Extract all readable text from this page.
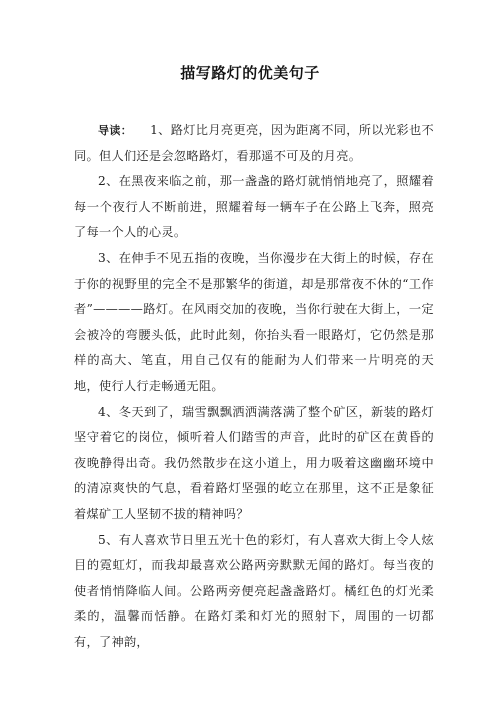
描写路灯的优美句子

导读： 1、路灯比月亮更亮，因为距离不同，所以光彩也不同。但人们还是会忽略路灯，看那遥不可及的月亮。

2、在黑夜来临之前，那一盏盏的路灯就悄悄地亮了，照耀着每一个夜行人不断前进，照耀着每一辆车子在公路上飞奔，照亮了每一个人的心灵。

3、在伸手不见五指的夜晚，当你漫步在大街上的时候，存在于你的视野里的完全不是那繁华的街道，却是那常夜不休的“工作者”————路灯。在风雨交加的夜晚，当你行驶在大街上，一定会被冷的弯腰头低，此时此刻，你抬头看一眼路灯，它仍然是那样的高大、笔直，用自己仅有的能耐为人们带来一片明亮的天地，使行人行走畅通无阻。

4、冬天到了，瑞雪飘飘洒洒满落满了整个矿区，新装的路灯坚守着它的岗位，倾听着人们踏雪的声音，此时的矿区在黄昏的夜晚静得出奇。我仍然散步在这小道上，用力吸着这幽幽环境中的清凉爽快的气息，看着路灯坚强的屹立在那里，这不正是象征着煤矿工人坚韧不拔的精神吗？

5、有人喜欢节日里五光十色的彩灯，有人喜欢大街上令人炫目的霓虹灯，而我却最喜欢公路两旁默默无闻的路灯。每当夜的使者悄悄降临人间。公路两旁便亮起盏盏路灯。橘红色的灯光柔柔的，温馨而恬静。在路灯柔和灯光的照射下，周围的一切都有，了神韵，
